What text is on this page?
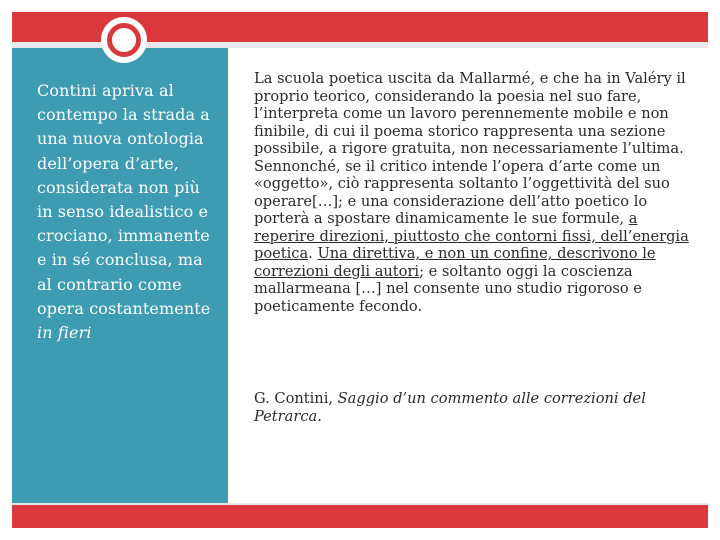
Contini apriva al contempo la strada a una nuova ontologia dell’opera d’arte, considerata non più in senso idealistico e crociano, immanente e in sé conclusa, ma al contrario come opera costantemente in fieri

La scuola poetica uscita da Mallarmé, e che ha in Valéry il proprio teorico, considerando la poesia nel suo fare, l’interpreta come un lavoro perennemente mobile e non finibile, di cui il poema storico rappresenta una sezione possibile, a rigore gratuita, non necessariamente l’ultima. Sennonché, se il critico intende l’opera d’arte come un «oggetto», ciò rappresenta soltanto l’oggettività del suo operare[…]; e una considerazione dell’atto poetico lo porterà a spostare dinamicamente le sue formule, a reperire direzioni, piuttosto che contorni fissi, dell’energia poetica. Una direttiva, e non un confine, descrivono le correzioni degli autori; e soltanto oggi la coscienza mallarmeana […] nel consente uno studio rigoroso e poeticamente fecondo.

G. Contini, Saggio d’un commento alle correzioni del Petrarca.
